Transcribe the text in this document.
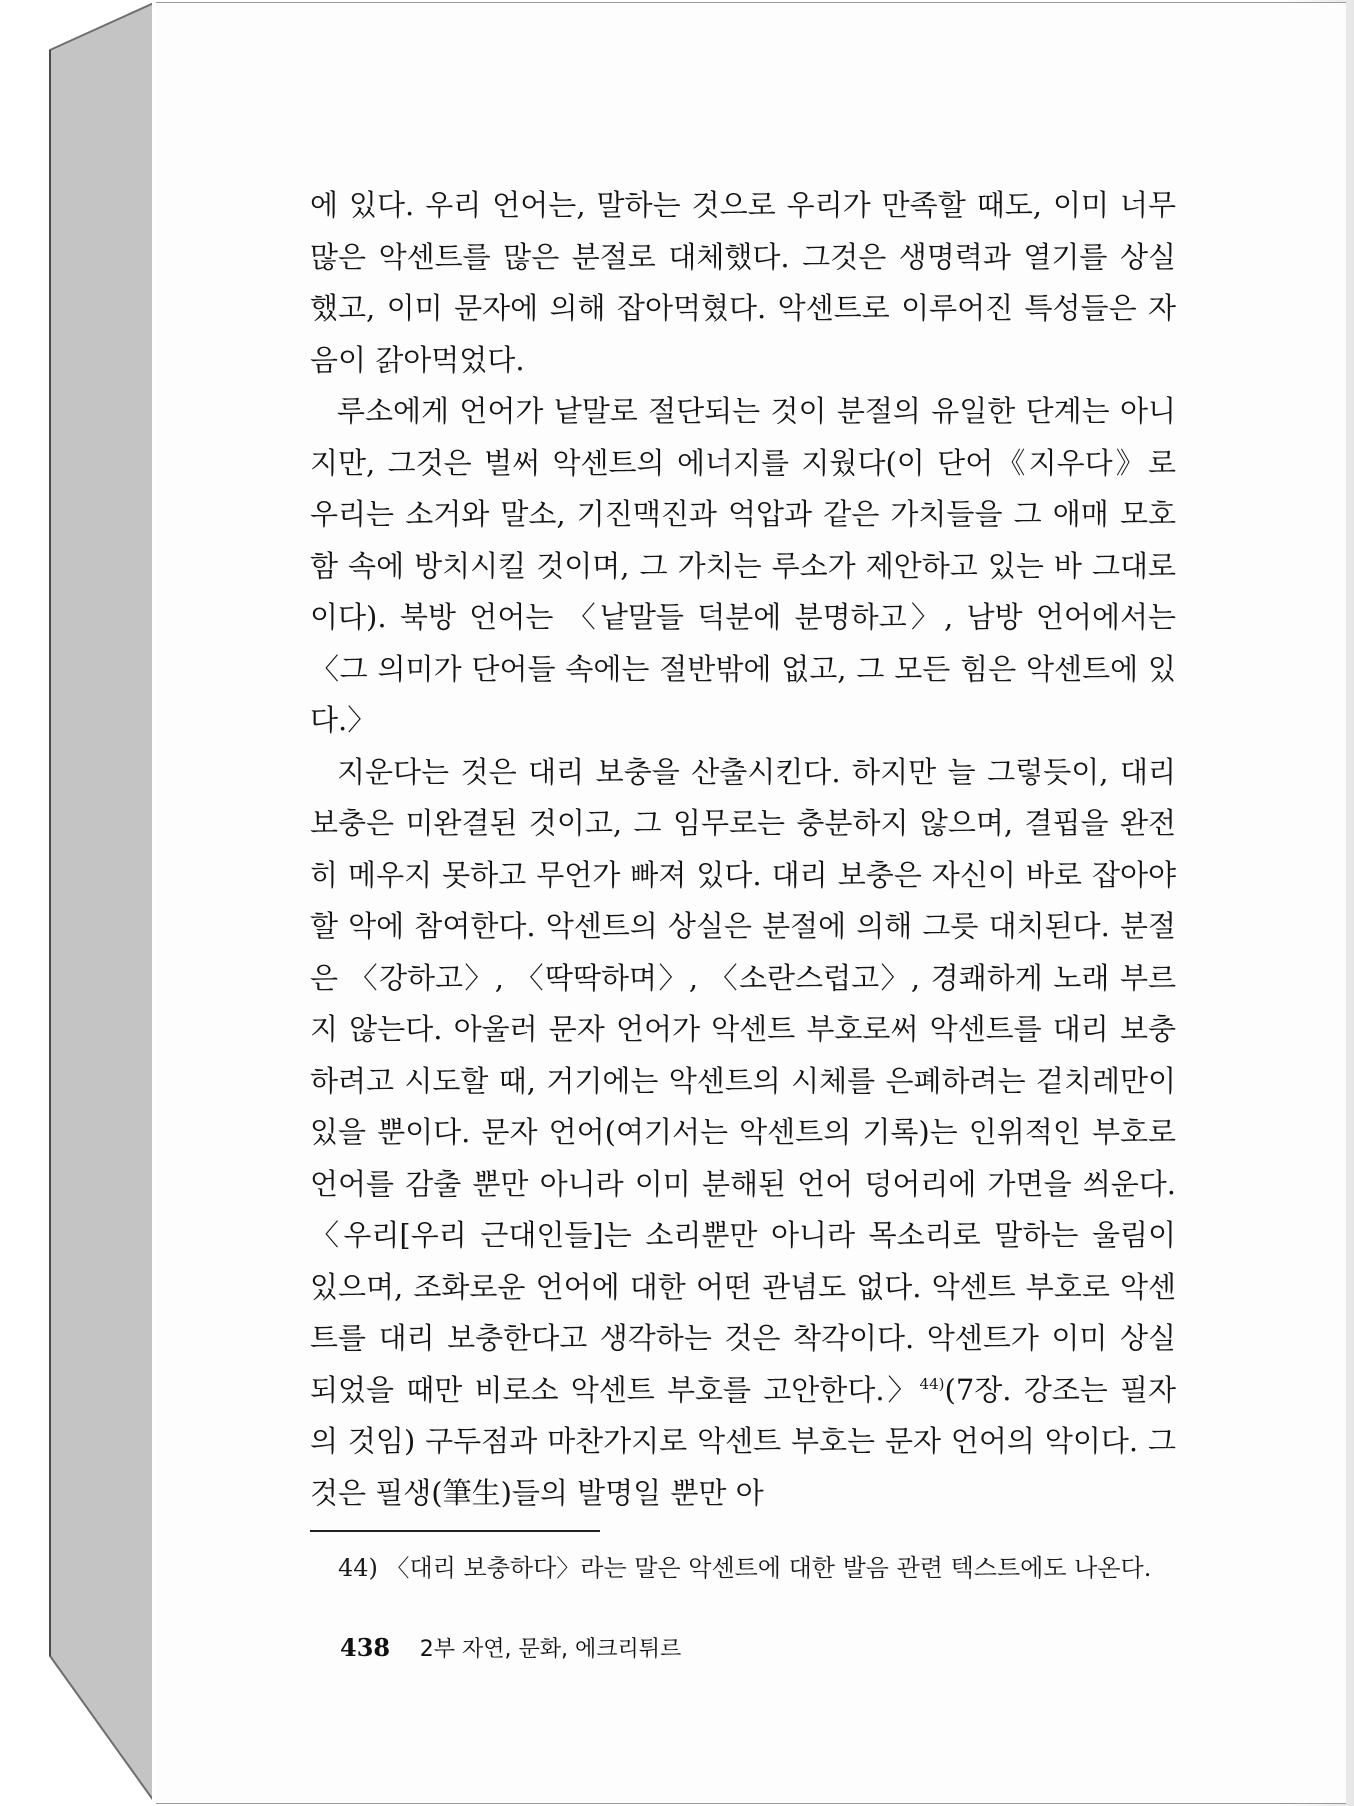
에 있다. 우리 언어는, 말하는 것으로 우리가 만족할 때도, 이미 너무 많은 악센트를 많은 분절로 대체했다. 그것은 생명력과 열기를 상실했고, 이미 문자에 의해 잡아먹혔다. 악센트로 이루어진 특성들은 자음이 갉아먹었다.

루소에게 언어가 낱말로 절단되는 것이 분절의 유일한 단계는 아니지만, 그것은 벌써 악센트의 에너지를 지웠다(이 단어《지우다》로 우리는 소거와 말소, 기진맥진과 억압과 같은 가치들을 그 애매 모호함 속에 방치시킬 것이며, 그 가치는 루소가 제안하고 있는 바 그대로이다). 북방 언어는 〈낱말들 덕분에 분명하고〉, 남방 언어에서는 〈그 의미가 단어들 속에는 절반밖에 없고, 그 모든 힘은 악센트에 있다.〉

지운다는 것은 대리 보충을 산출시킨다. 하지만 늘 그렇듯이, 대리 보충은 미완결된 것이고, 그 임무로는 충분하지 않으며, 결핍을 완전히 메우지 못하고 무언가 빠져 있다. 대리 보충은 자신이 바로 잡아야 할 악에 참여한다. 악센트의 상실은 분절에 의해 그릇 대치된다. 분절은 〈강하고〉, 〈딱딱하며〉, 〈소란스럽고〉, 경쾌하게 노래 부르지 않는다. 아울러 문자 언어가 악센트 부호로써 악센트를 대리 보충하려고 시도할 때, 거기에는 악센트의 시체를 은폐하려는 겉치레만이 있을 뿐이다. 문자 언어(여기서는 악센트의 기록)는 인위적인 부호로 언어를 감출 뿐만 아니라 이미 분해된 언어 덩어리에 가면을 씌운다. 〈우리[우리 근대인들]는 소리뿐만 아니라 목소리로 말하는 울림이 있으며, 조화로운 언어에 대한 어떤 관념도 없다. 악센트 부호로 악센트를 대리 보충한다고 생각하는 것은 착각이다. 악센트가 이미 상실되었을 때만 비로소 악센트 부호를 고안한다.〉$^{44)}$(7장. 강조는 필자의 것임) 구두점과 마찬가지로 악센트 부호는 문자 언어의 악이다. 그것은 필생(筆生)들의 발명일 뿐만 아

44) 〈대리 보충하다〉라는 말은 악센트에 대한 발음 관련 텍스트에도 나온다.
438 2부 자연, 문화, 에크리튀르
